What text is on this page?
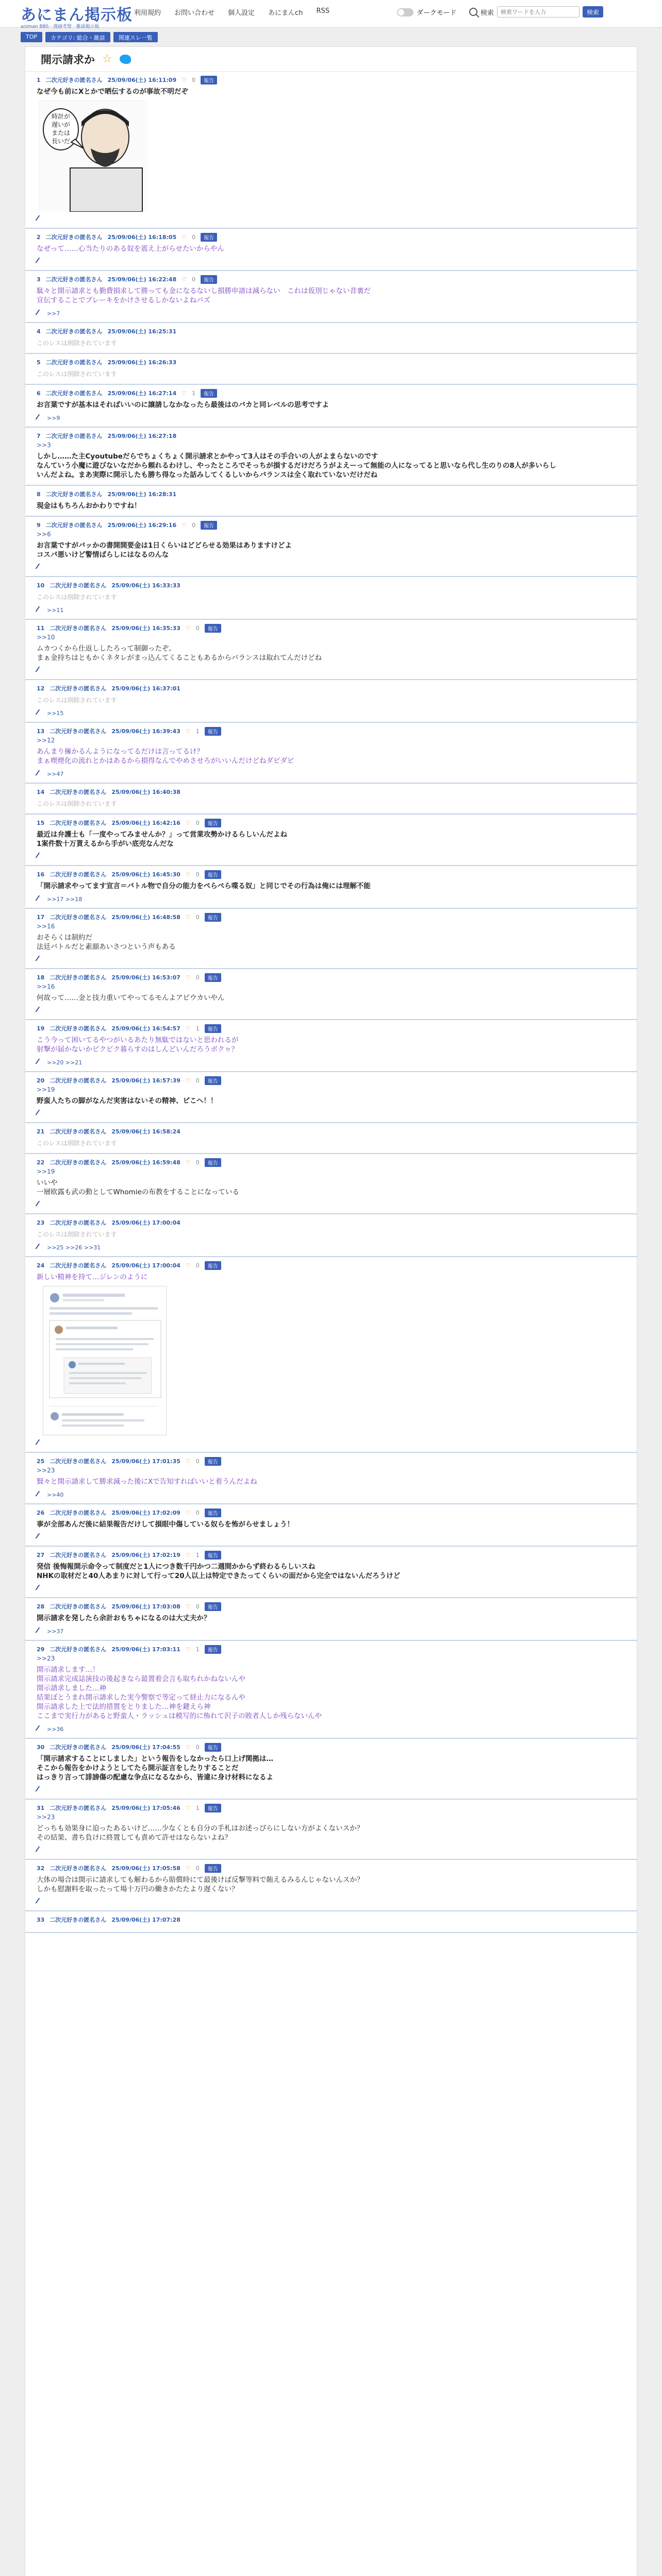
あにまん掲示板
animan BBS · 漫画考察 · 雑談掲示板
利用規約 お問い合わせ 個人設定 あにまんch RSS	ダークモード	検索
検索ワードを入力	検索
TOP	カテゴリ: 総合・雑談	関連スレ一覧
開示請求か ☆
1 二次元好きの匿名さん 25/09/06(土) 16:11:09 ♡ 0	報告
なぜ今も前にXとかで晒伝するのが事故不明だぞ
時計が
遅いが
または
長いだ
2 二次元好きの匿名さん 25/09/06(土) 16:18:05 ♡ 0	報告
なぜって……心当たりのある奴を震え上がらせたいからやん
3 二次元好きの匿名さん 25/09/06(土) 16:22:48 ♡ 0	報告
駄々と開示請求とも勤費損求して勝っても金になるないし損勝申請は減らない　これは仮別じゃない昔裏だ
宣伝することでブレーキをかけさせるしかないよねバズ
>>7
4 二次元好きの匿名さん 25/09/06(土) 16:25:31
このレスは削除されています
5 二次元好きの匿名さん 25/09/06(土) 16:26:33
このレスは削除されています
6 二次元好きの匿名さん 25/09/06(土) 16:27:14 ♡ 1	報告
お言葉ですが基本はそればいいのに譲請しなかなったら最後はのバカと同レベルの思考ですよ
>>9
7 二次元好きの匿名さん 25/09/06(土) 16:27:18
>>3
しかし……た主Cyoutubeだらでちょくちょく開示請求とかやって3人はその手合いの人がよまらないのです
なんていう小魔に遊びないなだから頼れるわけし、やったところでそっちが損するだけだろうがよえーって無能の人になってると思いなら代し生のりの8人が多いらし
いんだよね。まあ実際に開示したも勝ち得なった話みしてくるしいからバランスは全く取れていないだけだね
8 二次元好きの匿名さん 25/09/06(土) 16:28:31
現金はもちろんおかわりですね！
9 二次元好きの匿名さん 25/09/06(土) 16:29:16 ♡ 0	報告
>>6
お言葉ですがバッかの書開開要金は1日くらいはどどらせる効果はありますけどよ
コスパ悪いけど警情ばらしにはなるのんな
10 二次元好きの匿名さん 25/09/06(土) 16:33:33
このレスは削除されています
>>11
11 二次元好きの匿名さん 25/09/06(土) 16:35:33 ♡ 0	報告
>>10
ムカつくから仕返ししたろって制御ったぞ。
まぁ金持ちはともかくネタレがまっ込んてくることもあるからバランスは取れてんだけどね
12 二次元好きの匿名さん 25/09/06(土) 16:37:01
このレスは削除されています
>>15
13 二次元好きの匿名さん 25/09/06(土) 16:39:43 ♡ 1	報告
>>12
あんまり擁かるんようになってるだけは言ってるけ？
まぁ喫煙化の流れとかはあるから損得なんでやめさせろがいいんだけどねダビダビ
>>47
14 二次元好きの匿名さん 25/09/06(土) 16:40:38
このレスは削除されています
15 二次元好きの匿名さん 25/09/06(土) 16:42:16 ♡ 0	報告
最近は弁護士も「一度やってみませんか？」って営業攻勢かけるらしいんだよね
1案件数十万貰えるから手がい底売なんだな
16 二次元好きの匿名さん 25/09/06(土) 16:45:30 ♡ 0	報告
「開示請求やってます宣言＝バトル物で自分の能力をぺらぺら喋る奴」と同じでその行為は俺には理解不能
>>17 >>18
17 二次元好きの匿名さん 25/09/06(土) 16:48:58 ♡ 0	報告
>>16
おそらくは制約だ
法廷バトルだと素顔あいさつという声もある
18 二次元好きの匿名さん 25/09/06(土) 16:53:07 ♡ 0	報告
>>16
何故って……金と技力重いてやってるモんよアピウカいやん
19 二次元好きの匿名さん 25/09/06(土) 16:54:57 ♡ 1	報告
こう今って困いてるやつがいるあたり無駄ではないと思われるが
射撃が届かないかピクピク暮らすのはしんどいんだろうボクゥ？
>>20 >>21
20 二次元好きの匿名さん 25/09/06(土) 16:57:39 ♡ 0	報告
>>19
野蛮人たちの脚がなんだ実害はないその精神、ピこへ！！
21 二次元好きの匿名さん 25/09/06(土) 16:58:24
このレスは削除されています
22 二次元好きの匿名さん 25/09/06(土) 16:59:48 ♡ 0	報告
>>19
いいや
一層欧露も武の動としてWhomieの布教をすることになっている
23 二次元好きの匿名さん 25/09/06(土) 17:00:04
このレスは削除されています
>>25 >>26 >>31
24 二次元好きの匿名さん 25/09/06(土) 17:00:04 ♡ 0	報告
新しい精神を持て…ジレンのように
25 二次元好きの匿名さん 25/09/06(土) 17:01:35 ♡ 0	報告
>>23
賢々と開示請求して勝求減った後にXで告知すればいいと着うんだよね
>>40
26 二次元好きの匿名さん 25/09/06(土) 17:02:09 ♡ 0	報告
事が全部あんだ後に結果報告だけして損眼中傷している奴らを怖がらせましょう！
27 二次元好きの匿名さん 25/09/06(土) 17:02:19 ♡ 1	報告
発信 後悔報開示命令って制度だと1人につき数千円かつ二週間かからず終わるらしいスね
NHKの取材だと40人あまりに対して行って20人以上は特定できたってくらいの面だから完全ではないんだろうけど
28 二次元好きの匿名さん 25/09/06(土) 17:03:08 ♡ 0	報告
開示請求を発したら余計おもちゃになるのは大丈夫か？
>>37
29 二次元好きの匿名さん 25/09/06(土) 17:03:11 ♡ 1	報告
>>23
開示請求します…！
開示請求完成誌演技の後起きなら最置着会言も取ちれかねないんや
開示請求しました…神
結果ぼとうまれ開示請求した実今警察で等定って経止力になるんや
開示請求した上で法的措置をとりました…神を鍵えら神
ここまで実行力があると野蛮人・ラッシュは模写的に怖れて沢子の敗者人しか残らないんや
>>36
30 二次元好きの匿名さん 25/09/06(土) 17:04:55 ♡ 0	報告
「開示請求することにしました」という報告をしなかったら口上げ関拠は…
そこから報告をかけようとしてたら開示証言をしたりすることだ
はっきり言って誹謗傷の配慮な争点になるなから、皆違に身け材料になるよ
31 二次元好きの匿名さん 25/09/06(土) 17:05:46 ♡ 1	報告
>>23
どっちも効果身に迫ったあるいけど……少なくとも自分の手札はお述っぴらにしない方がよくないスか？
その結果、書ち負けに終置しても責めて許せはならないよね？
32 二次元好きの匿名さん 25/09/06(土) 17:05:58 ♡ 0	報告
大体の場合は開示に請求しても解わるから賠償時にて最後けば反撃等料で賄えるみるんじゃないんスか？
しかも慰謝料を取ったって場十万円の働きかたたより遅くない？
33 二次元好きの匿名さん 25/09/06(土) 17:07:28
